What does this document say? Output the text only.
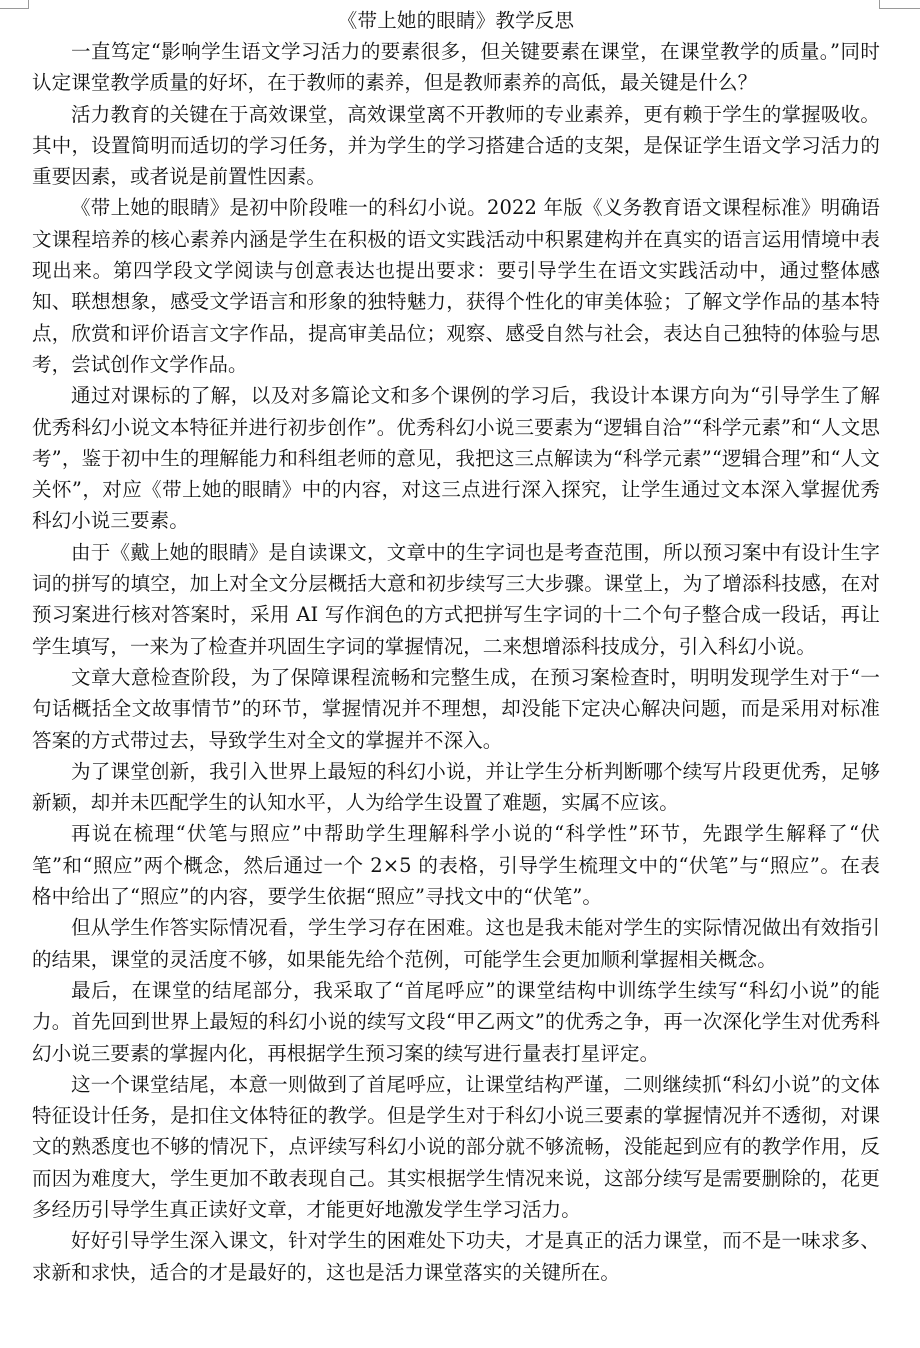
《带上她的眼睛》教学反思

一直笃定“影响学生语文学习活力的要素很多，但关键要素在课堂，在课堂教学的质量。”同时认定课堂教学质量的好坏，在于教师的素养，但是教师素养的高低，最关键是什么？

活力教育的关键在于高效课堂，高效课堂离不开教师的专业素养，更有赖于学生的掌握吸收。其中，设置简明而适切的学习任务，并为学生的学习搭建合适的支架，是保证学生语文学习活力的重要因素，或者说是前置性因素。

《带上她的眼睛》是初中阶段唯一的科幻小说。2022 年版《义务教育语文课程标准》明确语文课程培养的核心素养内涵是学生在积极的语文实践活动中积累建构并在真实的语言运用情境中表现出来。第四学段文学阅读与创意表达也提出要求：要引导学生在语文实践活动中，通过整体感知、联想想象，感受文学语言和形象的独特魅力，获得个性化的审美体验；了解文学作品的基本特点，欣赏和评价语言文字作品，提高审美品位；观察、感受自然与社会，表达自己独特的体验与思考，尝试创作文学作品。

通过对课标的了解，以及对多篇论文和多个课例的学习后，我设计本课方向为“引导学生了解优秀科幻小说文本特征并进行初步创作”。优秀科幻小说三要素为“逻辑自洽”“科学元素”和“人文思考”，鉴于初中生的理解能力和科组老师的意见，我把这三点解读为“科学元素”“逻辑合理”和“人文关怀”，对应《带上她的眼睛》中的内容，对这三点进行深入探究，让学生通过文本深入掌握优秀科幻小说三要素。

由于《戴上她的眼睛》是自读课文，文章中的生字词也是考查范围，所以预习案中有设计生字词的拼写的填空，加上对全文分层概括大意和初步续写三大步骤。课堂上，为了增添科技感，在对预习案进行核对答案时，采用 AI 写作润色的方式把拼写生字词的十二个句子整合成一段话，再让学生填写，一来为了检查并巩固生字词的掌握情况，二来想增添科技成分，引入科幻小说。

文章大意检查阶段，为了保障课程流畅和完整生成，在预习案检查时，明明发现学生对于“一句话概括全文故事情节”的环节，掌握情况并不理想，却没能下定决心解决问题，而是采用对标准答案的方式带过去，导致学生对全文的掌握并不深入。

为了课堂创新，我引入世界上最短的科幻小说，并让学生分析判断哪个续写片段更优秀，足够新颖，却并未匹配学生的认知水平，人为给学生设置了难题，实属不应该。

再说在梳理“伏笔与照应”中帮助学生理解科学小说的“科学性”环节，先跟学生解释了“伏笔”和“照应”两个概念，然后通过一个 2×5 的表格，引导学生梳理文中的“伏笔”与“照应”。在表格中给出了“照应”的内容，要学生依据“照应”寻找文中的“伏笔”。

但从学生作答实际情况看，学生学习存在困难。这也是我未能对学生的实际情况做出有效指引的结果，课堂的灵活度不够，如果能先给个范例，可能学生会更加顺利掌握相关概念。

最后，在课堂的结尾部分，我采取了“首尾呼应”的课堂结构中训练学生续写“科幻小说”的能力。首先回到世界上最短的科幻小说的续写文段“甲乙两文”的优秀之争，再一次深化学生对优秀科幻小说三要素的掌握内化，再根据学生预习案的续写进行量表打星评定。

这一个课堂结尾，本意一则做到了首尾呼应，让课堂结构严谨，二则继续抓“科幻小说”的文体特征设计任务，是扣住文体特征的教学。但是学生对于科幻小说三要素的掌握情况并不透彻，对课文的熟悉度也不够的情况下，点评续写科幻小说的部分就不够流畅，没能起到应有的教学作用，反而因为难度大，学生更加不敢表现自己。其实根据学生情况来说，这部分续写是需要删除的，花更多经历引导学生真正读好文章，才能更好地激发学生学习活力。

好好引导学生深入课文，针对学生的困难处下功夫，才是真正的活力课堂，而不是一味求多、求新和求快，适合的才是最好的，这也是活力课堂落实的关键所在。
